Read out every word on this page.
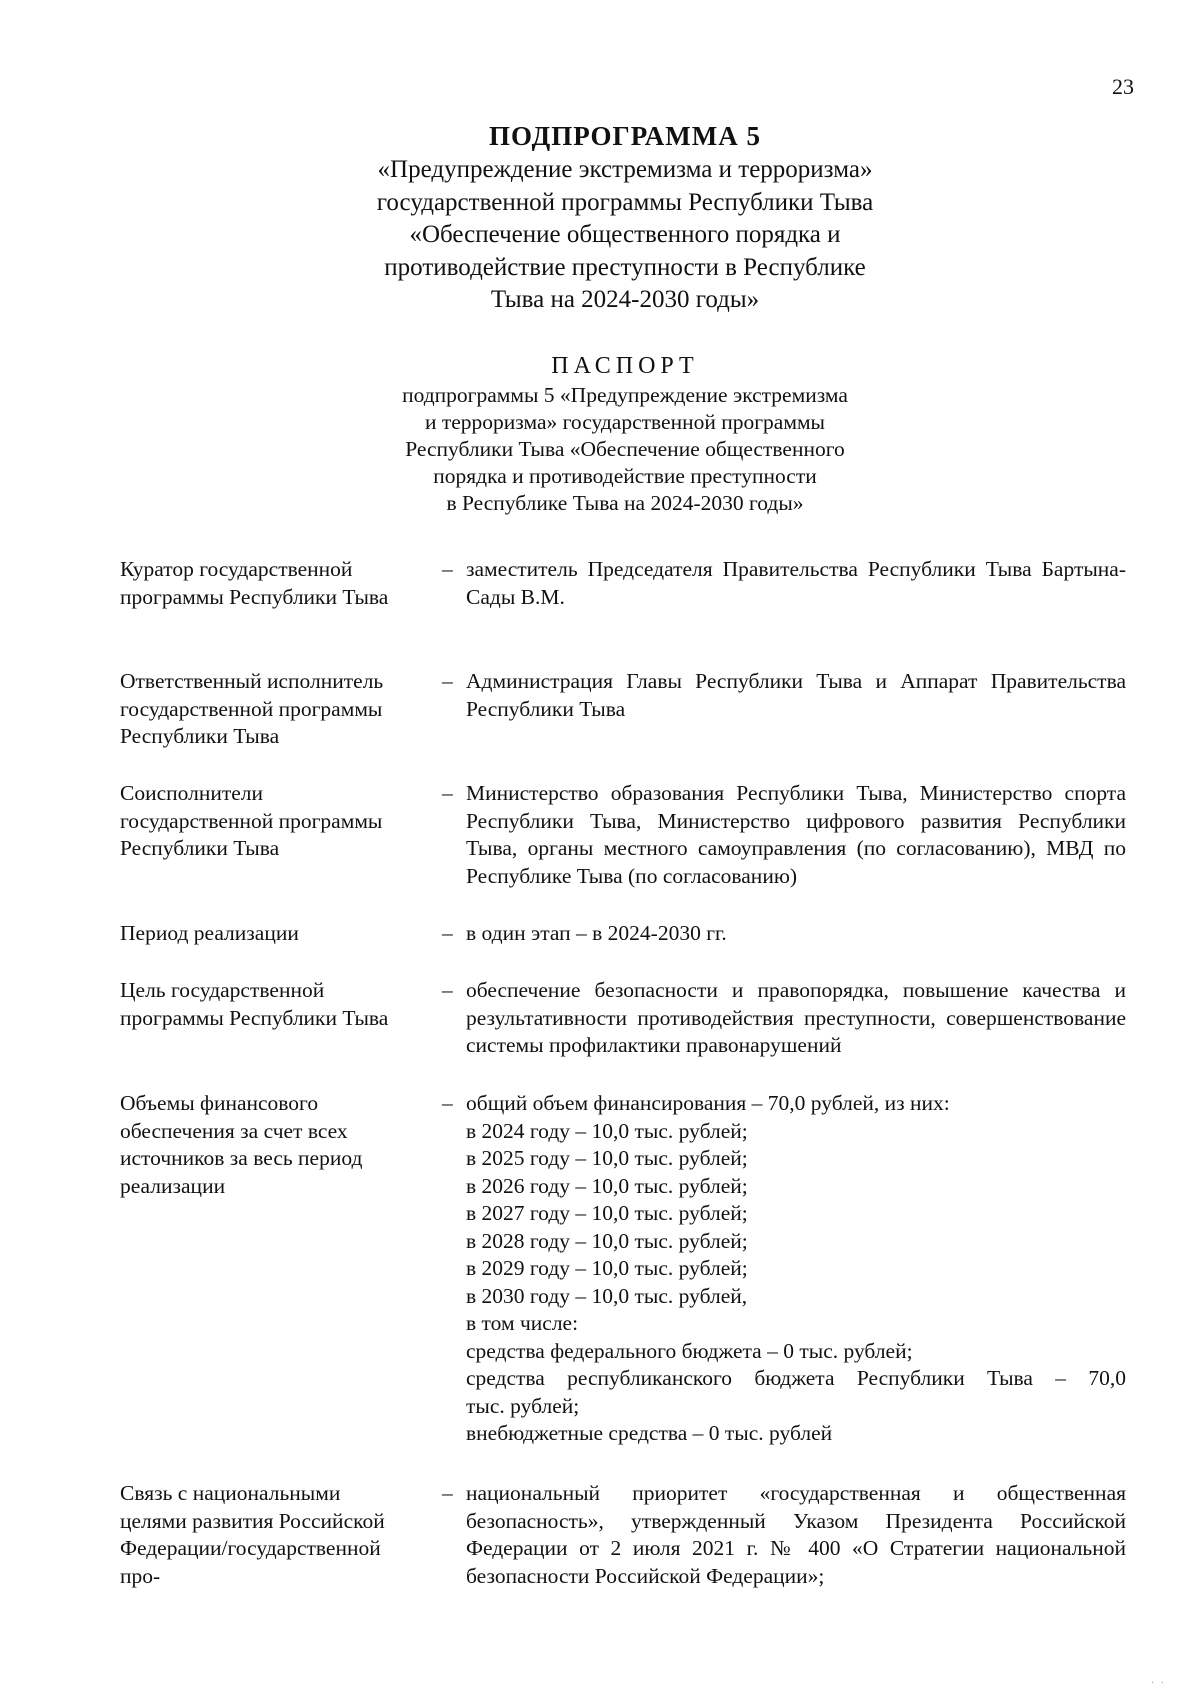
23
ПОДПРОГРАММА 5
«Предупреждение экстремизма и терроризма»
государственной программы Республики Тыва
«Обеспечение общественного порядка и
противодействие преступности в Республике
Тыва на 2024-2030 годы»
ПАСПОРТ
подпрограммы 5 «Предупреждение экстремизма
и терроризма» государственной программы
Республики Тыва «Обеспечение общественного
порядка и противодействие преступности
в Республике Тыва на 2024-2030 годы»
Куратор государственной программы Республики Тыва
– заместитель Председателя Правительства Республики Тыва Бартына-Сады В.М.
Ответственный исполнитель государственной программы Республики Тыва
– Администрация Главы Республики Тыва и Аппарат Правительства Республики Тыва
Соисполнители государственной программы Республики Тыва
– Министерство образования Республики Тыва, Министерство спорта Республики Тыва, Министерство цифрового развития Республики Тыва, органы местного самоуправления (по согласованию), МВД по Республике Тыва (по согласованию)
Период реализации	– в один этап – в 2024-2030 гг.
Цель государственной программы Республики Тыва
– обеспечение безопасности и правопорядка, повышение качества и результативности противодействия преступности, совершенствование системы профилактики правонарушений
Объемы финансового обеспечения за счет всех источников за весь период реализации
– общий объем финансирования – 70,0 рублей, из них:
в 2024 году – 10,0 тыс. рублей;
в 2025 году – 10,0 тыс. рублей;
в 2026 году – 10,0 тыс. рублей;
в 2027 году – 10,0 тыс. рублей;
в 2028 году – 10,0 тыс. рублей;
в 2029 году – 10,0 тыс. рублей;
в 2030 году – 10,0 тыс. рублей,
в том числе:
средства федерального бюджета – 0 тыс. рублей;
средства республиканского бюджета Республики Тыва – 70,0
тыс. рублей;
внебюджетные средства – 0 тыс. рублей
Связь с национальными целями развития Российской Федерации/государственной про-
– национальный приоритет «государственная и общественная безопасность», утвержденный Указом Президента Российской Федерации от 2 июля 2021 г. № 400 «О Стратегии национальной безопасности Российской Федерации»;
· ·
